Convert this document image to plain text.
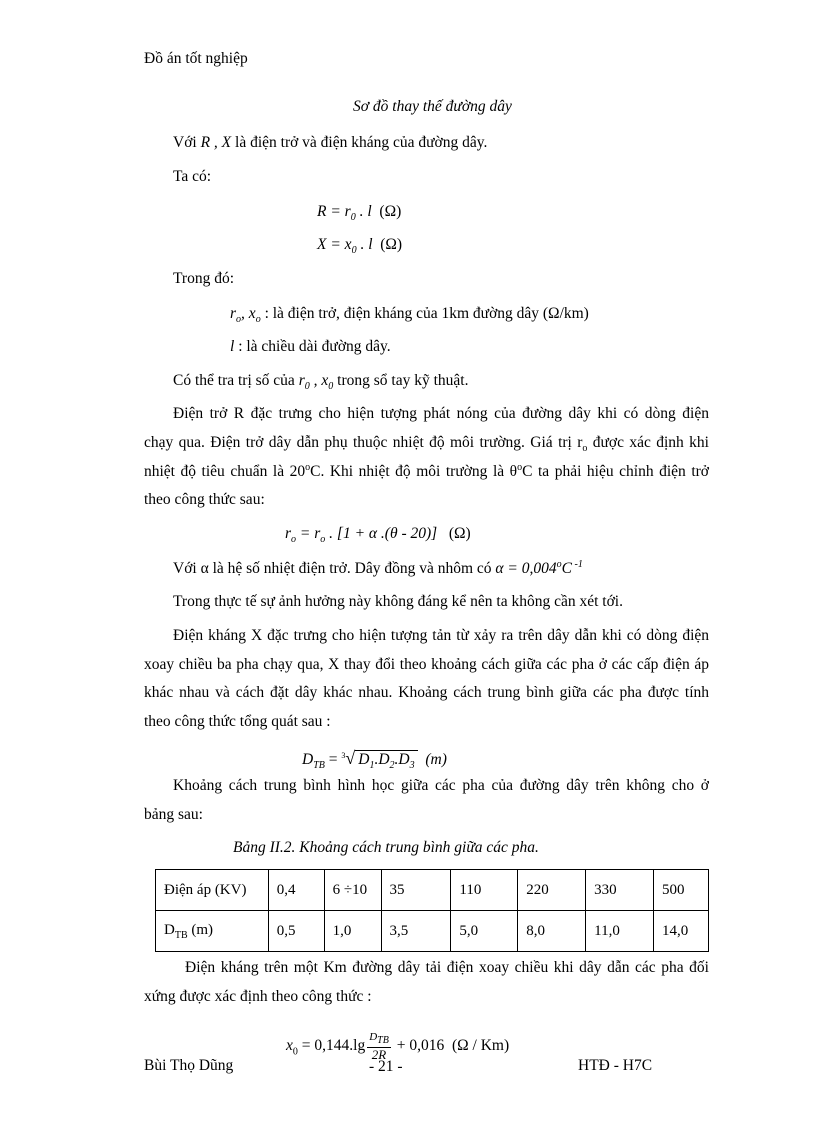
Đồ án tốt nghiệp
Sơ đồ thay thế đường dây
Với R , X là điện trở và điện kháng của đường dây.
Ta có:
$R = r_0$ . l (Ω)
$X = x_0$ . l (Ω)
Trong đó:
$r_o$, $x_o$ : là điện trở, điện kháng của 1km đường dây (Ω/km)
l : là chiều dài đường dây.
Có thể tra trị số của $r_0$ , $x_0$ trong sổ tay kỹ thuật.
Điện trở R đặc trưng cho hiện tượng phát nóng của đường dây khi có dòng điện
chạy qua. Điện trở dây dẫn phụ thuộc nhiệt độ môi trường. Giá trị $r_o$ được xác định khi
nhiệt độ tiêu chuẩn là 20$^o$C. Khi nhiệt độ môi trường là $\theta^oC$ ta phải hiệu chỉnh điện trở
theo công thức sau:
$r_o = r_o$ . [1 + α .(θ - 20)] (Ω)
Với α là hệ số nhiệt điện trở. Dây đồng và nhôm có $\alpha = 0,004^oC$ $^{-1}$
Trong thực tế sự ảnh hưởng này không đáng kể nên ta không cần xét tới.
Điện kháng X đặc trưng cho hiện tượng tản từ xảy ra trên dây dẫn khi có dòng điện
xoay chiều ba pha chạy qua, X thay đổi theo khoảng cách giữa các pha ở các cấp điện áp
khác nhau và cách đặt dây khác nhau. Khoảng cách trung bình giữa các pha được tính
theo công thức tổng quát sau :
$D_{TB} = ^3√$ $D_1.D_2.D_3$ (m)
Khoảng cách trung bình hình học giữa các pha của đường dây trên không cho ở
bảng sau:
Bảng II.2. Khoảng cách trung bình giữa các pha.
Điện áp (KV)	0,4	6 ÷10	35	110	220	330	500
$D_{TB}$ (m)	0,5	1,0	3,5	5,0	8,0	11,0	14,0
Điện kháng trên một Km đường dây tải điện xoay chiều khi dây dẫn các pha đối
xứng được xác định theo công thức :
$x_0 = 0,144.\lg \frac{D_{TB}}{2R} + 0,016$ (Ω / Km)
Bùi Thọ Dũng	- 21 -	HTĐ - H7C
